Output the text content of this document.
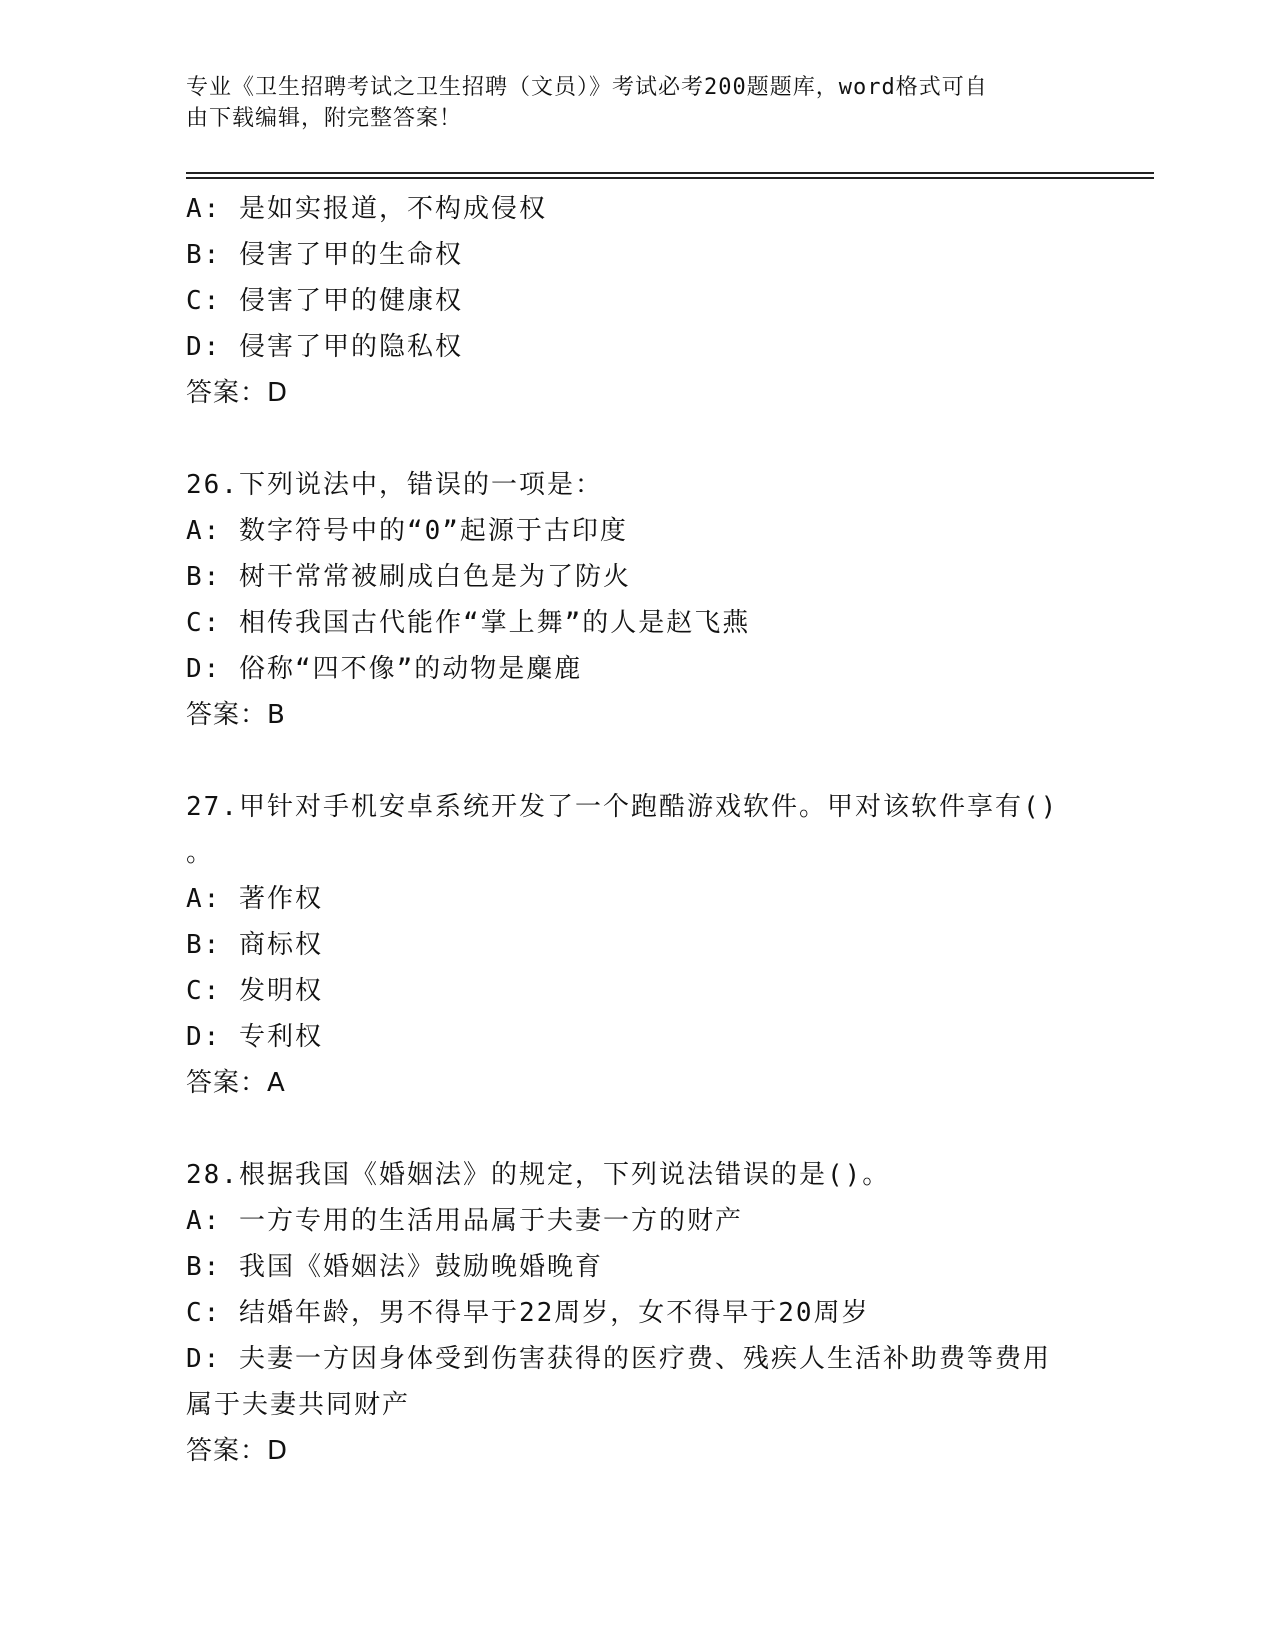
专业《卫生招聘考试之卫生招聘（文员）》考试必考200题题库，word格式可自
由下载编辑，附完整答案！
A: 是如实报道，不构成侵权
B: 侵害了甲的生命权
C: 侵害了甲的健康权
D: 侵害了甲的隐私权
答案：D
26.下列说法中，错误的一项是：
A: 数字符号中的“0”起源于古印度
B: 树干常常被刷成白色是为了防火
C: 相传我国古代能作“掌上舞”的人是赵飞燕
D: 俗称“四不像”的动物是麋鹿
答案：B
27.甲针对手机安卓系统开发了一个跑酷游戏软件。甲对该软件享有()
。
A: 著作权
B: 商标权
C: 发明权
D: 专利权
答案：A
28.根据我国《婚姻法》的规定，下列说法错误的是()。
A: 一方专用的生活用品属于夫妻一方的财产
B: 我国《婚姻法》鼓励晚婚晚育
C: 结婚年龄，男不得早于22周岁，女不得早于20周岁
D: 夫妻一方因身体受到伤害获得的医疗费、残疾人生活补助费等费用
属于夫妻共同财产
答案：D
